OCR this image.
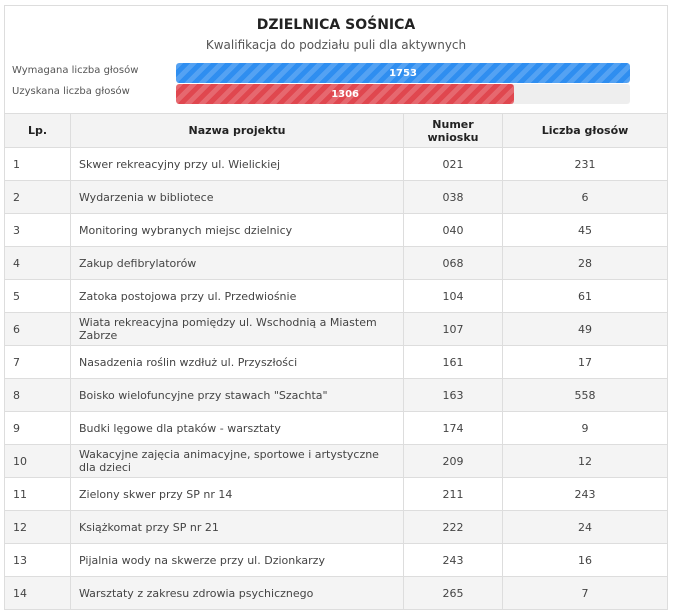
DZIELNICA SOŚNICA
Kwalifikacja do podziału puli dla aktywnych
Wymagana liczba głosów	1753
Uzyskana liczba głosów	1306
Lp.	Nazwa projektu	Numer wniosku	Liczba głosów
1	Skwer rekreacyjny przy ul. Wielickiej	021	231
2	Wydarzenia w bibliotece	038	6
3	Monitoring wybranych miejsc dzielnicy	040	45
4	Zakup defibrylatorów	068	28
5	Zatoka postojowa przy ul. Przedwiośnie	104	61
6	Wiata rekreacyjna pomiędzy ul. Wschodnią a Miastem Zabrze	107	49
7	Nasadzenia roślin wzdłuż ul. Przyszłości	161	17
8	Boisko wielofuncyjne przy stawach "Szachta"	163	558
9	Budki lęgowe dla ptaków - warsztaty	174	9
10	Wakacyjne zajęcia animacyjne, sportowe i artystyczne dla dzieci	209	12
11	Zielony skwer przy SP nr 14	211	243
12	Książkomat przy SP nr 21	222	24
13	Pijalnia wody na skwerze przy ul. Dzionkarzy	243	16
14	Warsztaty z zakresu zdrowia psychicznego	265	7
